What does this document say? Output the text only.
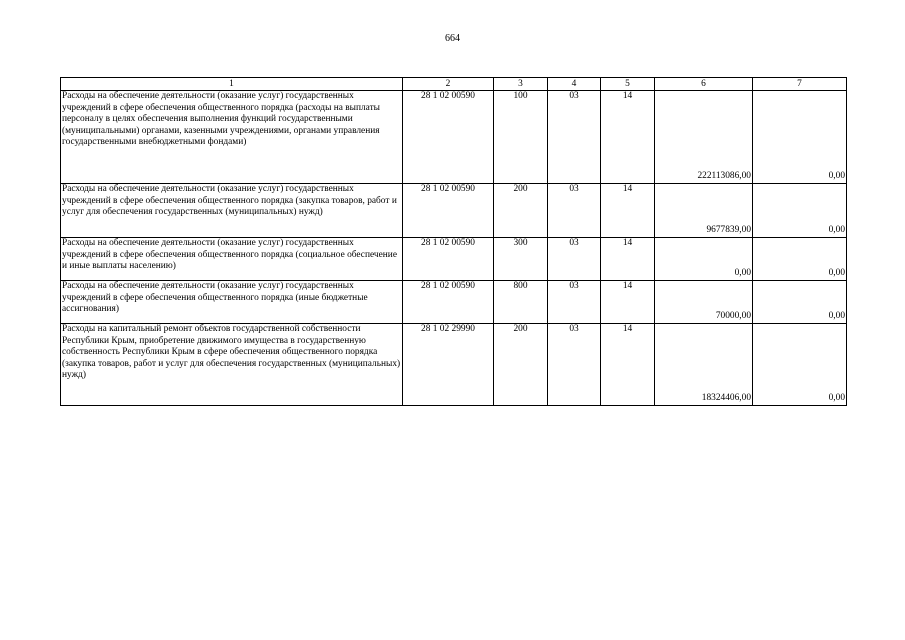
664
1	2	3	4	5	6	7
Расходы на обеспечение деятельности (оказание услуг) государственных учреждений в сфере обеспечения общественного порядка (расходы на выплаты персоналу в целях обеспечения выполнения функций государственными (муниципальными) органами, казенными учреждениями, органами управления государственными внебюджетными фондами)	28 1 02 00590	100	03	14	222113086,00	0,00
Расходы на обеспечение деятельности (оказание услуг) государственных учреждений в сфере обеспечения общественного порядка (закупка товаров, работ и услуг для обеспечения государственных (муниципальных) нужд)	28 1 02 00590	200	03	14	9677839,00	0,00
Расходы на обеспечение деятельности (оказание услуг) государственных учреждений в сфере обеспечения общественного порядка (социальное обеспечение и иные выплаты населению)	28 1 02 00590	300	03	14	0,00	0,00
Расходы на обеспечение деятельности (оказание услуг) государственных учреждений в сфере обеспечения общественного порядка (иные бюджетные ассигнования)	28 1 02 00590	800	03	14	70000,00	0,00
Расходы на капитальный ремонт объектов государственной собственности Республики Крым, приобретение движимого имущества в государственную собственность Республики Крым в сфере обеспечения общественного порядка (закупка товаров, работ и услуг для обеспечения государственных (муниципальных) нужд)	28 1 02 29990	200	03	14	18324406,00	0,00
